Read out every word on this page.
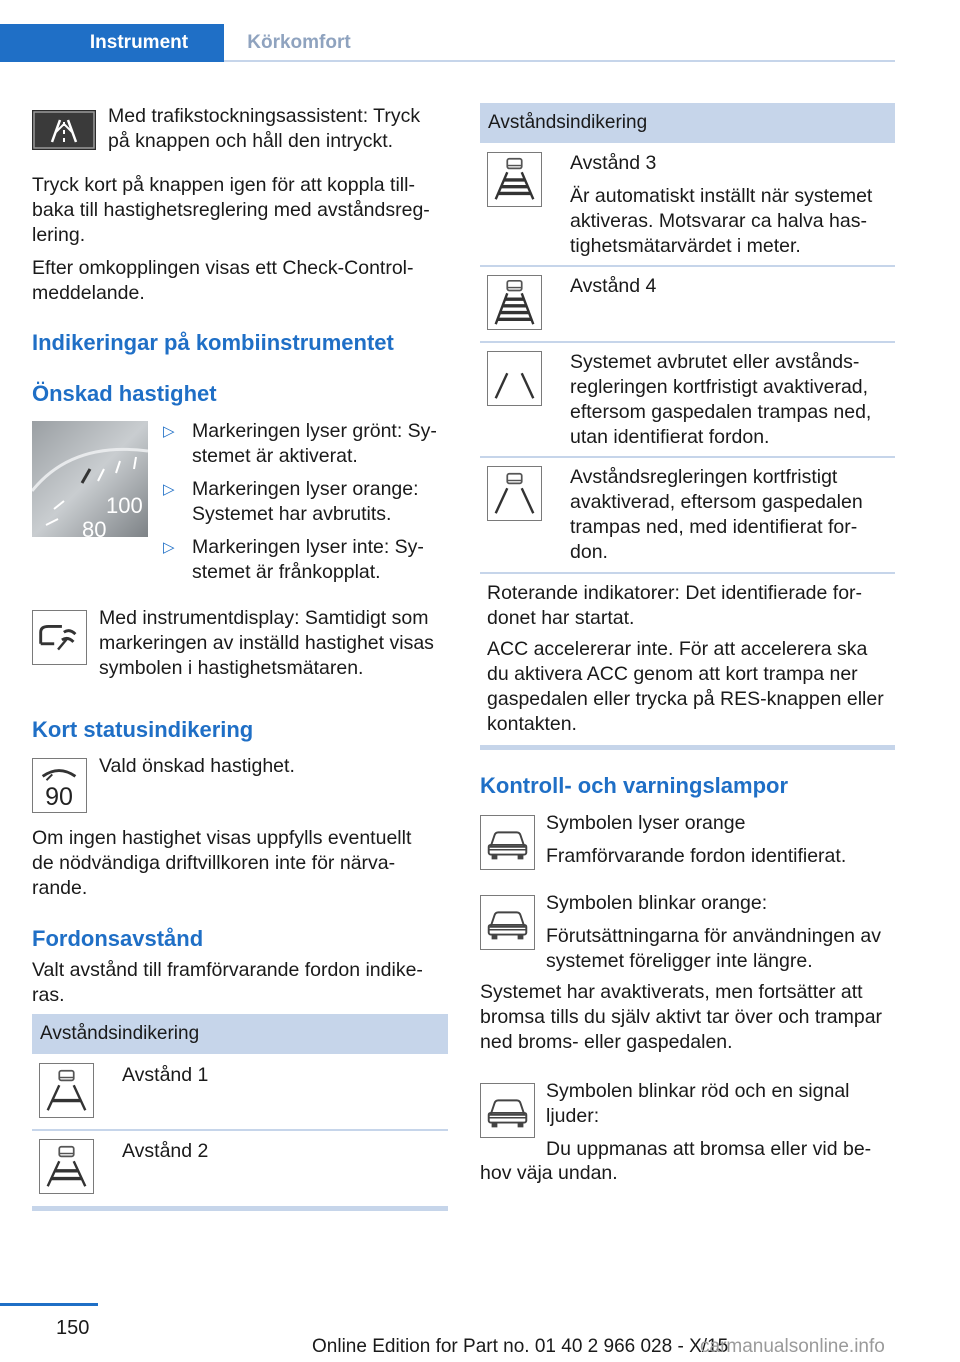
Instrument	Körkomfort
Med trafikstockningsassistent: Tryck
på knappen och håll den intryckt.
Tryck kort på knappen igen för att koppla till-
baka till hastighetsreglering med avståndsreg-
lering.
Efter omkopplingen visas ett Check-Control-
meddelande.
Indikeringar på kombiinstrumentet
Önskad hastighet
100
80
▷ Markeringen lyser grönt: Sy-
stemet är aktiverat.
▷ Markeringen lyser orange:
Systemet har avbrutits.
▷ Markeringen lyser inte: Sy-
stemet är frånkopplat.
Med instrumentdisplay: Samtidigt som
markeringen av inställd hastighet visas
symbolen i hastighetsmätaren.
Kort statusindikering
90
Vald önskad hastighet.
Om ingen hastighet visas uppfylls eventuellt
de nödvändiga driftvillkoren inte för närva-
rande.
Fordonsavstånd
Valt avstånd till framförvarande fordon indike-
ras.
Avståndsindikering
Avstånd 1
Avstånd 2
Avståndsindikering
Avstånd 3
Är automatiskt inställt när systemet
aktiveras. Motsvarar ca halva has-
tighetsmätarvärdet i meter.
Avstånd 4
Systemet avbrutet eller avstånds-
regleringen kortfristigt avaktiverad,
eftersom gaspedalen trampas ned,
utan identifierat fordon.
Avståndsregleringen kortfristigt
avaktiverad, eftersom gaspedalen
trampas ned, med identifierat for-
don.
Roterande indikatorer: Det identifierade for-
donet har startat.
ACC accelererar inte. För att accelerera ska
du aktivera ACC genom att kort trampa ner
gaspedalen eller trycka på RES-knappen eller
kontakten.
Kontroll- och varningslampor
Symbolen lyser orange
Framförvarande fordon identifierat.
Symbolen blinkar orange:
Förutsättningarna för användningen av
systemet föreligger inte längre.
Systemet har avaktiverats, men fortsätter att
bromsa tills du själv aktivt tar över och trampar
ned broms- eller gaspedalen.
Symbolen blinkar röd och en signal
ljuder:
Du uppmanas att bromsa eller vid be-
hov väja undan.
150
Online Edition for Part no. 01 40 2 966 028 - X/15
carmanualsonline.info
